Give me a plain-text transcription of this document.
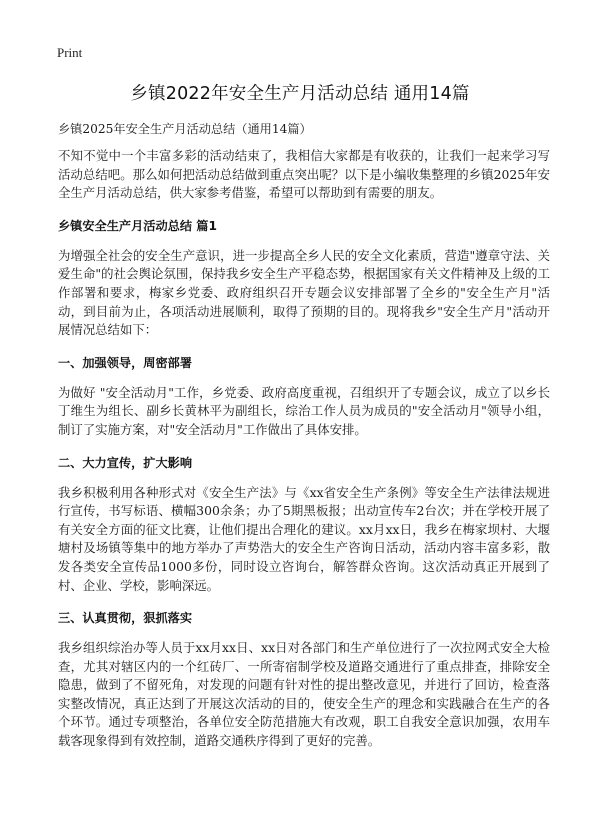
Print
乡镇2022年安全生产月活动总结 通用14篇
乡镇2025年安全生产月活动总结（通用14篇）

不知不觉中一个丰富多彩的活动结束了，我相信大家都是有收获的，让我们一起来学习写活动总结吧。那么如何把活动总结做到重点突出呢？以下是小编收集整理的乡镇2025年安全生产月活动总结，供大家参考借鉴，希望可以帮助到有需要的朋友。

乡镇安全生产月活动总结 篇1

为增强全社会的安全生产意识，进一步提高全乡人民的安全文化素质，营造"遵章守法、关爱生命"的社会舆论氛围，保持我乡安全生产平稳态势，根据国家有关文件精神及上级的工作部署和要求，梅家乡党委、政府组织召开专题会议安排部署了全乡的"安全生产月"活动，到目前为止，各项活动进展顺利，取得了预期的目的。现将我乡"安全生产月"活动开展情况总结如下：

一、加强领导，周密部署

为做好 "安全活动月"工作，乡党委、政府高度重视，召组织开了专题会议，成立了以乡长丁维生为组长、副乡长黄林平为副组长，综治工作人员为成员的"安全活动月"领导小组，制订了实施方案，对"安全活动月"工作做出了具体安排。

二、大力宣传，扩大影响

我乡积极利用各种形式对《安全生产法》与《xx省安全生产条例》等安全生产法律法规进行宣传，书写标语、横幅300余条；办了5期黑板报；出动宣传车2台次；并在学校开展了有关安全方面的征文比赛，让他们提出合理化的建议。xx月xx日，我乡在梅家坝村、大堰塘村及场镇等集中的地方举办了声势浩大的安全生产咨询日活动，活动内容丰富多彩，散发各类安全宣传品1000多份，同时设立咨询台，解答群众咨询。这次活动真正开展到了村、企业、学校，影响深远。

三、认真贯彻，狠抓落实

我乡组织综治办等人员于xx月xx日、xx日对各部门和生产单位进行了一次拉网式安全大检查，尤其对辖区内的一个红砖厂、一所寄宿制学校及道路交通进行了重点排查，排除安全隐患，做到了不留死角，对发现的问题有针对性的提出整改意见，并进行了回访，检查落实整改情况，真正达到了开展这次活动的目的，使安全生产的理念和实践融合在生产的各个环节。通过专项整治，各单位安全防范措施大有改观，职工自我安全意识加强，农用车载客现象得到有效控制，道路交通秩序得到了更好的完善。
